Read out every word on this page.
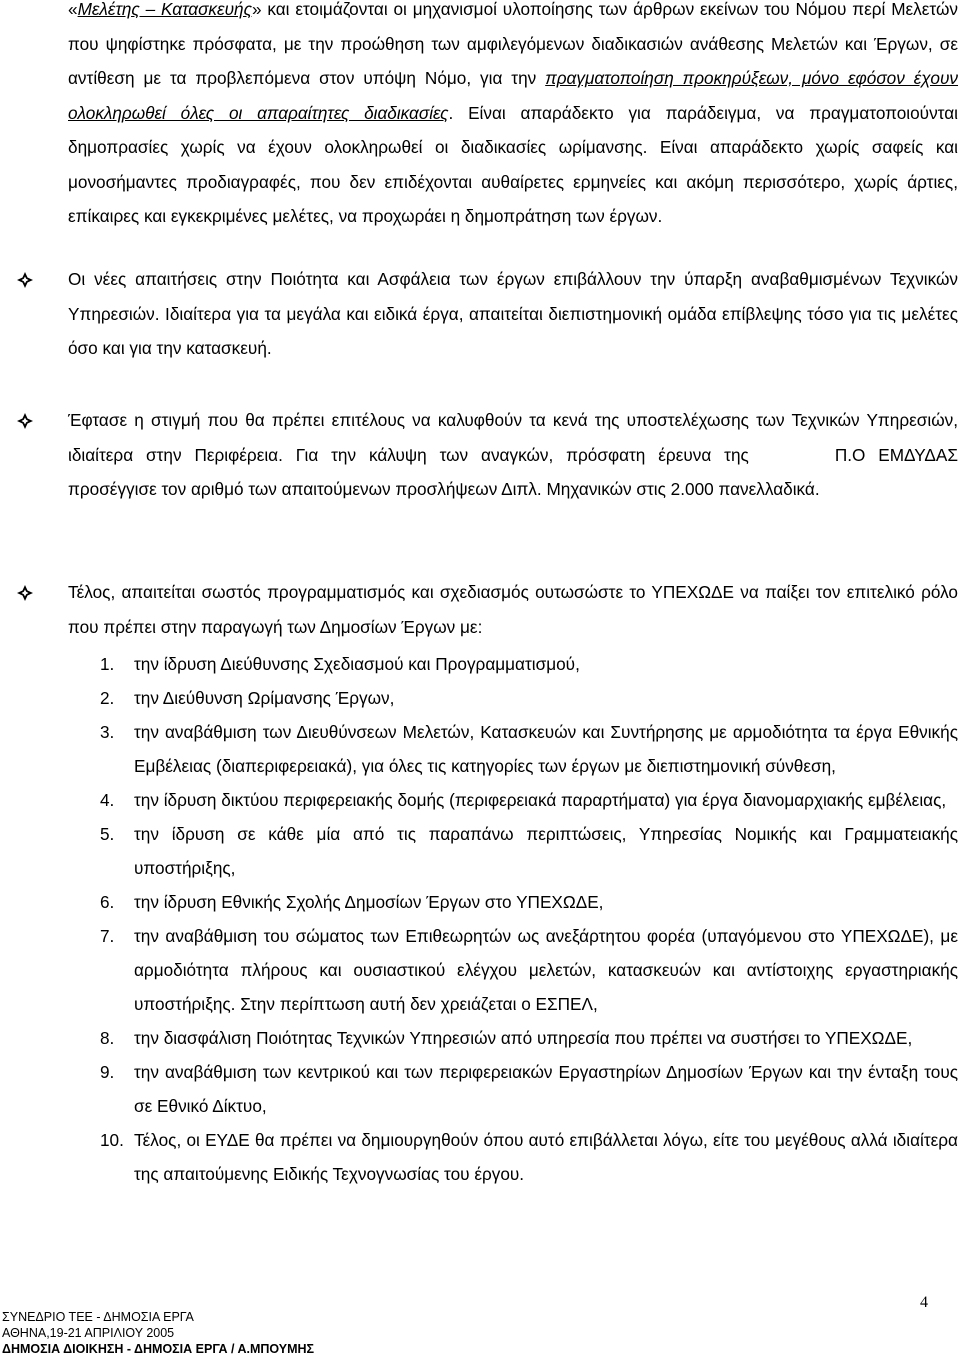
«Μελέτης – Κατασκευής» και ετοιμάζονται οι μηχανισμοί υλοποίησης των άρθρων εκείνων του Νόμου περί Μελετών που ψηφίστηκε πρόσφατα, με την προώθηση των αμφιλεγόμενων διαδικασιών ανάθεσης Μελετών και Έργων, σε αντίθεση με τα προβλεπόμενα στον υπόψη Νόμο, για την πραγματοποίηση προκηρύξεων, μόνο εφόσον έχουν ολοκληρωθεί όλες οι απαραίτητες διαδικασίες. Είναι απαράδεκτο για παράδειγμα, να πραγματοποιούνται δημοπρασίες χωρίς να έχουν ολοκληρωθεί οι διαδικασίες ωρίμανσης. Είναι απαράδεκτο χωρίς σαφείς και μονοσήμαντες προδιαγραφές, που δεν επιδέχονται αυθαίρετες ερμηνείες και ακόμη περισσότερο, χωρίς άρτιες, επίκαιρες και εγκεκριμένες μελέτες, να προχωράει η δημοπράτηση των έργων.
Οι νέες απαιτήσεις στην Ποιότητα και Ασφάλεια των έργων επιβάλλουν την ύπαρξη αναβαθμισμένων Τεχνικών Υπηρεσιών. Ιδιαίτερα για τα μεγάλα και ειδικά έργα, απαιτείται διεπιστημονική ομάδα επίβλεψης τόσο για τις μελέτες όσο και για την κατασκευή.
Έφτασε η στιγμή που θα πρέπει επιτέλους να καλυφθούν τα κενά της υποστελέχωσης των Τεχνικών Υπηρεσιών, ιδιαίτερα στην Περιφέρεια. Για την κάλυψη των αναγκών, πρόσφατη έρευνα της	Π.Ο ΕΜΔΥΔΑΣ προσέγγισε τον αριθμό των απαιτούμενων προσλήψεων Διπλ. Μηχανικών στις 2.000 πανελλαδικά.
Τέλος, απαιτείται σωστός προγραμματισμός και σχεδιασμός ουτωσώστε το ΥΠΕΧΩΔΕ να παίξει τον επιτελικό ρόλο που πρέπει στην παραγωγή των Δημοσίων Έργων με:
1. την ίδρυση Διεύθυνσης Σχεδιασμού και Προγραμματισμού,
2. την Διεύθυνση Ωρίμανσης Έργων,
3. την αναβάθμιση των Διευθύνσεων Μελετών, Κατασκευών και Συντήρησης με αρμοδιότητα τα έργα Εθνικής Εμβέλειας (διαπεριφερειακά), για όλες τις κατηγορίες των έργων με διεπιστημονική σύνθεση,
4. την ίδρυση δικτύου περιφερειακής δομής (περιφερειακά παραρτήματα) για έργα διανομαρχιακής εμβέλειας,
5. την ίδρυση σε κάθε μία από τις παραπάνω περιπτώσεις, Υπηρεσίας Νομικής και Γραμματειακής υποστήριξης,
6. την ίδρυση Εθνικής Σχολής Δημοσίων Έργων στο ΥΠΕΧΩΔΕ,
7. την αναβάθμιση του σώματος των Επιθεωρητών ως ανεξάρτητου φορέα (υπαγόμενου στο ΥΠΕΧΩΔΕ), με αρμοδιότητα πλήρους και ουσιαστικού ελέγχου μελετών, κατασκευών και αντίστοιχης εργαστηριακής υποστήριξης. Στην περίπτωση αυτή δεν χρειάζεται ο ΕΣΠΕΛ,
8. την διασφάλιση Ποιότητας Τεχνικών Υπηρεσιών από υπηρεσία που πρέπει να συστήσει το ΥΠΕΧΩΔΕ,
9. την αναβάθμιση των κεντρικού και των περιφερειακών Εργαστηρίων Δημοσίων Έργων και την ένταξη τους σε Εθνικό Δίκτυο,
10. Τέλος, οι ΕΥΔΕ θα πρέπει να δημιουργηθούν όπου αυτό επιβάλλεται λόγω, είτε του μεγέθους αλλά ιδιαίτερα της απαιτούμενης Ειδικής Τεχνογνωσίας του έργου.
4
ΣΥΝΕΔΡΙΟ ΤΕΕ - ΔΗΜΟΣΙΑ ΕΡΓΑ
ΑΘΗΝΑ,19-21 ΑΠΡΙΛΙΟΥ 2005
ΔΗΜΟΣΙΑ ΔΙΟΙΚΗΣΗ - ΔΗΜΟΣΙΑ ΕΡΓΑ / Α.ΜΠΟΥΜΗΣ
